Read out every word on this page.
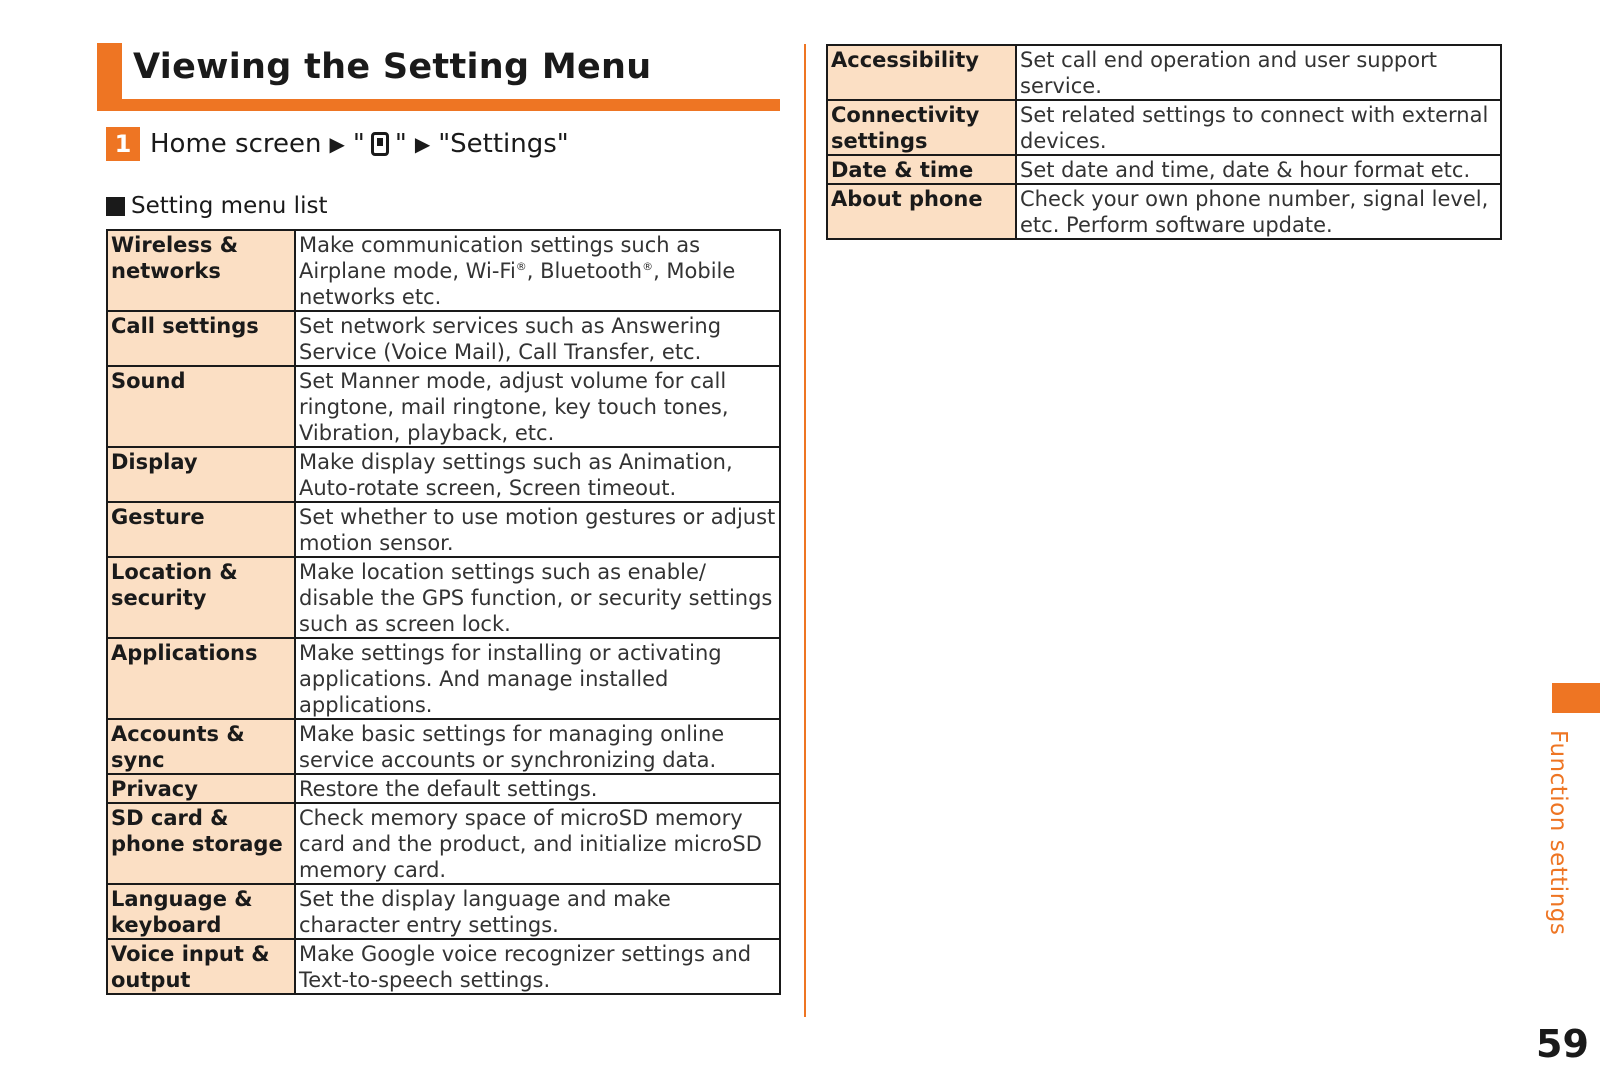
Viewing the Setting Menu
1 Home screen ▶ " " ▶ "Settings"
Setting menu list
Wireless & networks	Make communication settings such as Airplane mode, Wi-Fi®, Bluetooth®, Mobile networks etc.
Call settings	Set network services such as Answering Service (Voice Mail), Call Transfer, etc.
Sound	Set Manner mode, adjust volume for call ringtone, mail ringtone, key touch tones, Vibration, playback, etc.
Display	Make display settings such as Animation, Auto-rotate screen, Screen timeout.
Gesture	Set whether to use motion gestures or adjust motion sensor.
Location & security	Make location settings such as enable/ disable the GPS function, or security settings such as screen lock.
Applications	Make settings for installing or activating applications. And manage installed applications.
Accounts & sync	Make basic settings for managing online service accounts or synchronizing data.
Privacy	Restore the default settings.
SD card & phone storage	Check memory space of microSD memory card and the product, and initialize microSD memory card.
Language & keyboard	Set the display language and make character entry settings.
Voice input & output	Make Google voice recognizer settings and Text-to-speech settings.
Accessibility	Set call end operation and user support service.
Connectivity settings	Set related settings to connect with external devices.
Date & time	Set date and time, date & hour format etc.
About phone	Check your own phone number, signal level, etc. Perform software update.
Function settings
59
